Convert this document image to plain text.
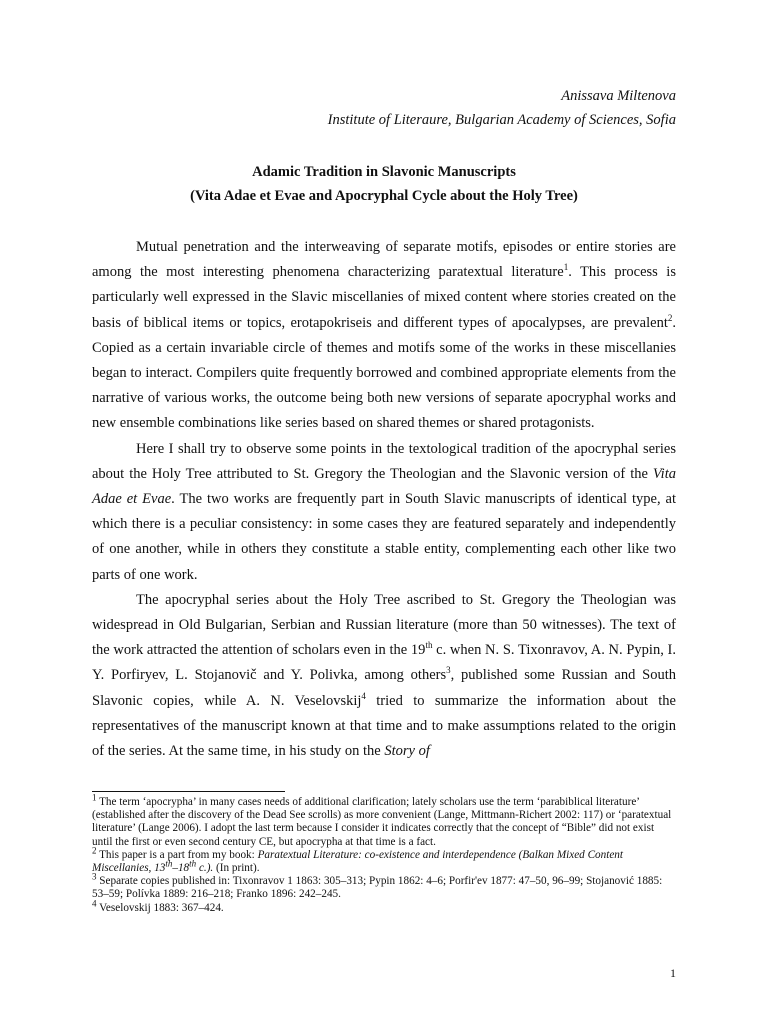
Anissava Miltenova
Institute of Literaure, Bulgarian Academy of Sciences, Sofia
Adamic Tradition in Slavonic Manuscripts
(Vita Adae et Evae and Apocryphal Cycle about the Holy Tree)

Mutual penetration and the interweaving of separate motifs, episodes or entire stories are among the most interesting phenomena characterizing paratextual literature$^1$. This process is particularly well expressed in the Slavic miscellanies of mixed content where stories created on the basis of biblical items or topics, erotapokriseis and different types of apocalypses, are prevalent$^2$. Copied as a certain invariable circle of themes and motifs some of the works in these miscellanies began to interact. Compilers quite frequently borrowed and combined appropriate elements from the narrative of various works, the outcome being both new versions of separate apocryphal works and new ensemble combinations like series based on shared themes or shared protagonists.

Here I shall try to observe some points in the textological tradition of the apocryphal series about the Holy Tree attributed to St. Gregory the Theologian and the Slavonic version of the Vita Adae et Evae. The two works are frequently part in South Slavic manuscripts of identical type, at which there is a peculiar consistency: in some cases they are featured separately and independently of one another, while in others they constitute a stable entity, complementing each other like two parts of one work.

The apocryphal series about the Holy Tree ascribed to St. Gregory the Theologian was widespread in Old Bulgarian, Serbian and Russian literature (more than 50 witnesses). The text of the work attracted the attention of scholars even in the 19th c. when N. S. Tixonravov, A. N. Pypin, I. Y. Porfiryev, L. Stojanovič and Y. Polivka, among others$^3$, published some Russian and South Slavonic copies, while A. N. Veselovskij$^4$ tried to summarize the information about the representatives of the manuscript known at that time and to make assumptions related to the origin of the series. At the same time, in his study on the Story of

$^1$ The term ‘apocrypha’ in many cases needs of additional clarification; lately scholars use the term ‘parabiblical literature’ (established after the discovery of the Dead See scrolls) as more convenient (Lange, Mittmann-Richert 2002: 117) or ‘paratextual literature’ (Lange 2006). I adopt the last term because I consider it indicates correctly that the concept of “Bible” did not exist until the first or even second century CE, but apocrypha at that time is a fact.

$^2$ This paper is a part from my book: Paratextual Literature: co-existence and interdependence (Balkan Mixed Content Miscellanies, 13th–18th c.). (In print).

$^3$ Separate copies published in: Tixonravov 1 1863: 305–313; Pypin 1862: 4–6; Porfir'ev 1877: 47–50, 96–99; Stojanović 1885: 53–59; Polívka 1889: 216–218; Franko 1896: 242–245.

$^4$ Veselovskij 1883: 367–424.

1
